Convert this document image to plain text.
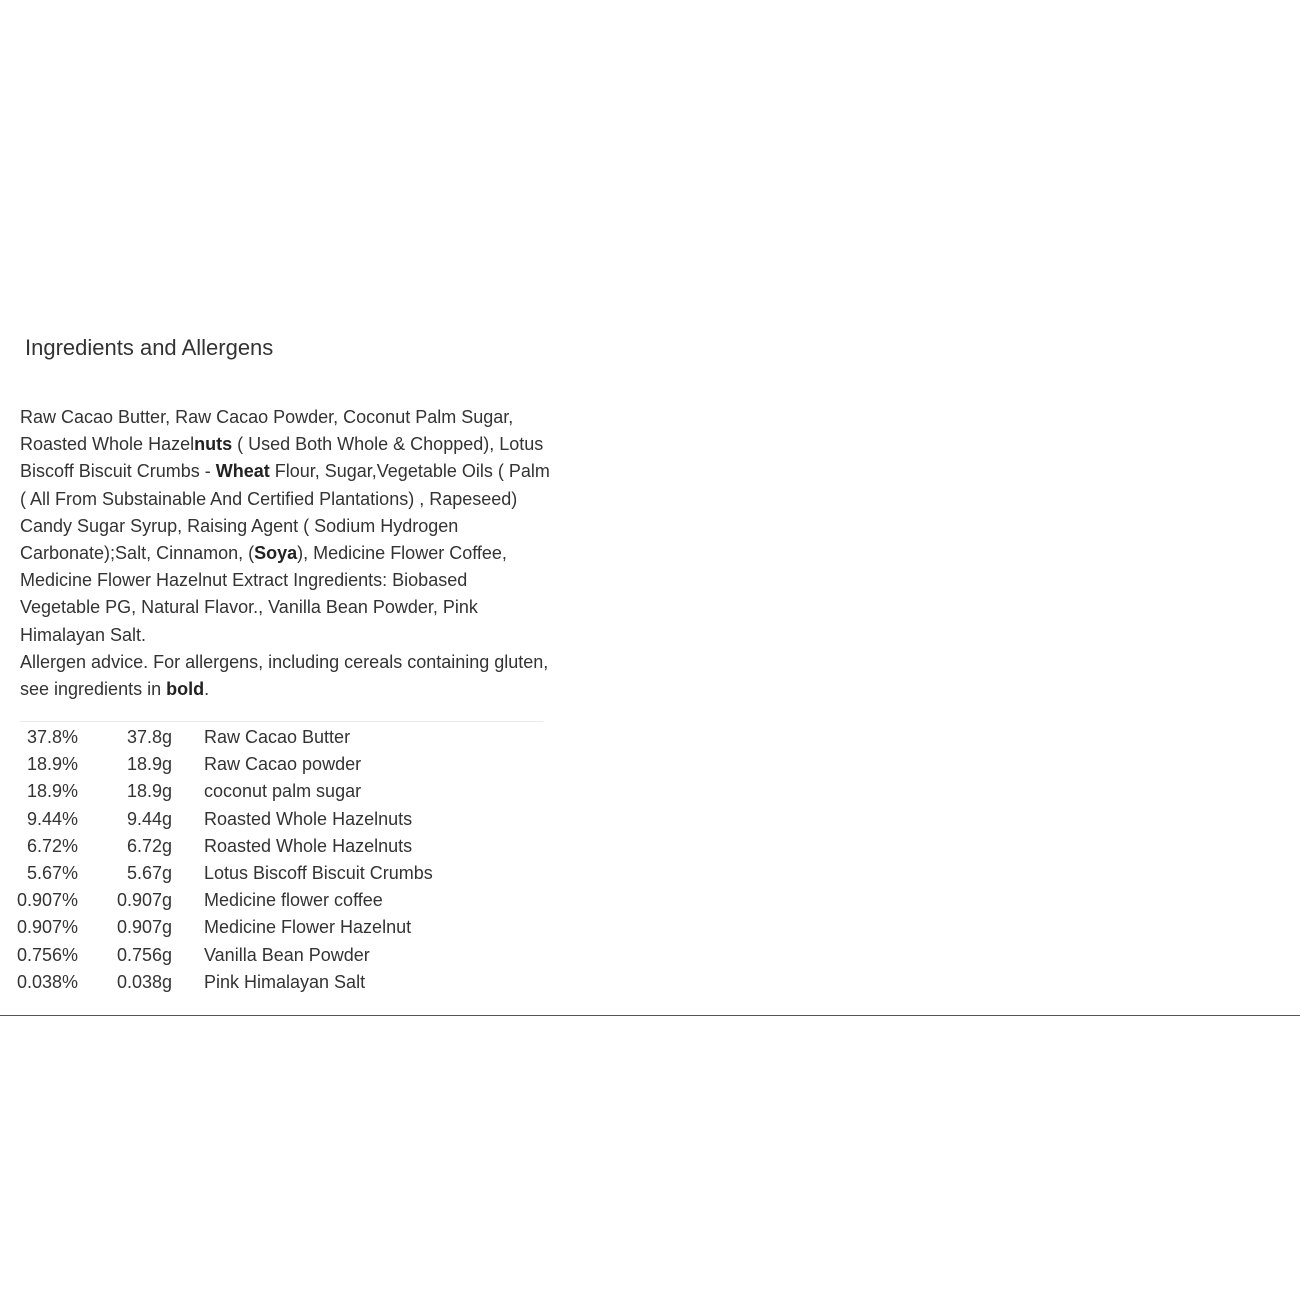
Ingredients and Allergens
Raw Cacao Butter, Raw Cacao Powder, Coconut Palm Sugar, Roasted Whole Hazelnuts ( Used Both Whole & Chopped), Lotus Biscoff Biscuit Crumbs - Wheat Flour, Sugar,Vegetable Oils ( Palm ( All From Substainable And Certified Plantations) , Rapeseed) Candy Sugar Syrup, Raising Agent ( Sodium Hydrogen Carbonate);Salt, Cinnamon, (Soya), Medicine Flower Coffee, Medicine Flower Hazelnut Extract Ingredients: Biobased Vegetable PG, Natural Flavor., Vanilla Bean Powder, Pink Himalayan Salt.
Allergen advice. For allergens, including cereals containing gluten, see ingredients in bold.
37.8%	37.8g	Raw Cacao Butter
18.9%	18.9g	Raw Cacao powder
18.9%	18.9g	coconut palm sugar
9.44%	9.44g	Roasted Whole Hazelnuts
6.72%	6.72g	Roasted Whole Hazelnuts
5.67%	5.67g	Lotus Biscoff Biscuit Crumbs
0.907%	0.907g	Medicine flower coffee
0.907%	0.907g	Medicine Flower Hazelnut
0.756%	0.756g	Vanilla Bean Powder
0.038%	0.038g	Pink Himalayan Salt
